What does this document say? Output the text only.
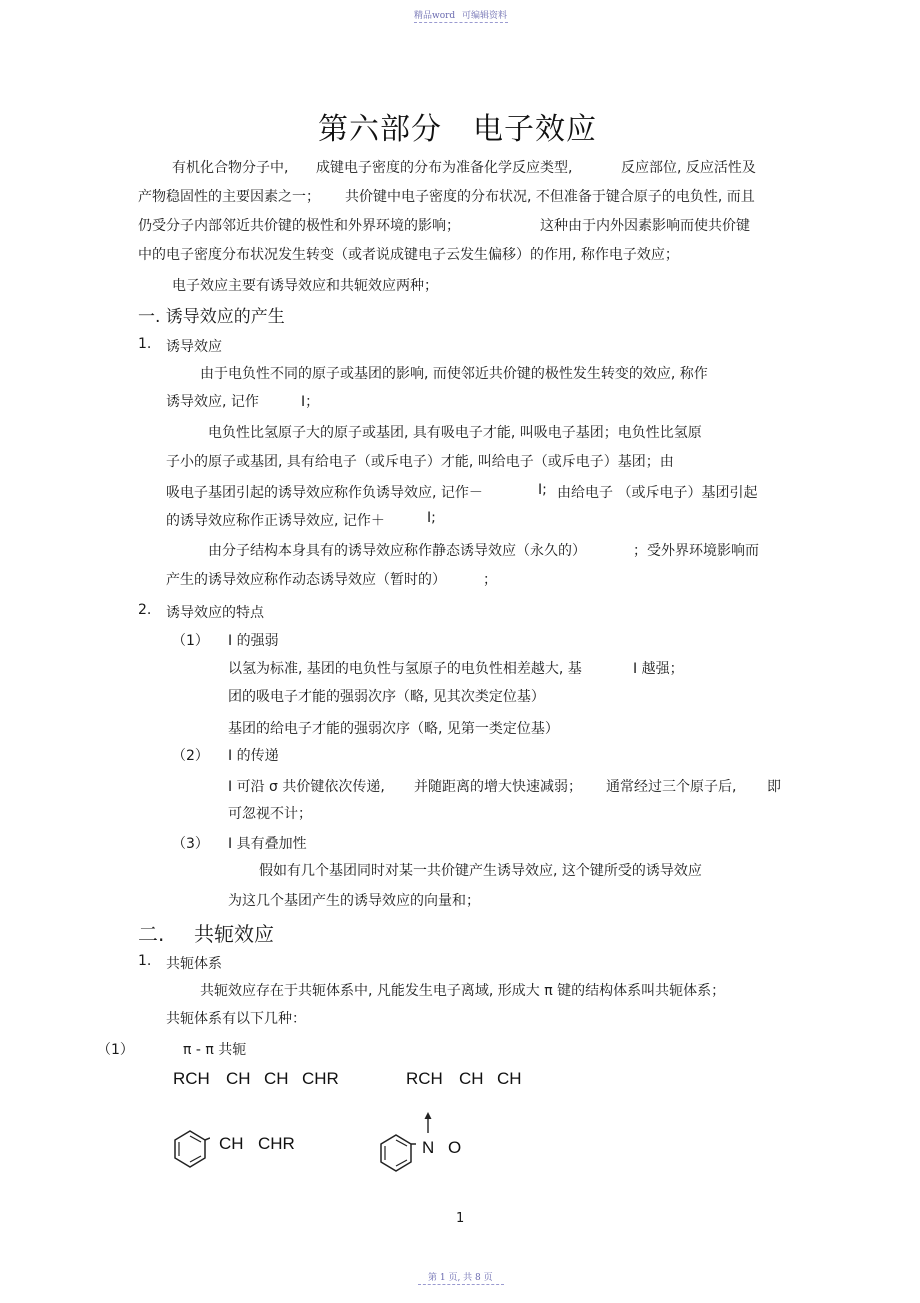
精品word 可编辑资料
第六部分　电子效应
有机化合物分子中, 成键电子密度的分布为准备化学反应类型,	反应部位, 反应活性及
产物稳固性的主要因素之一； 共价键中电子密度的分布状况, 不但准备于键合原子的电负性, 而且
仍受分子内部邻近共价键的极性和外界环境的影响；	这种由于内外因素影响而使共价键
中的电子密度分布状况发生转变（或者说成键电子云发生偏移）的作用, 称作电子效应；
电子效应主要有诱导效应和共轭效应两种；
一. 诱导效应的产生
1. 诱导效应
由于电负性不同的原子或基团的影响, 而使邻近共价键的极性发生转变的效应, 称作
诱导效应, 记作	I；
电负性比氢原子大的原子或基团, 具有吸电子才能, 叫吸电子基团；电负性比氢原
子小的原子或基团, 具有给电子（或斥电子）才能, 叫给电子（或斥电子）基团；由
吸电子基团引起的诱导效应称作负诱导效应, 记作－	I; 由给电子 （或斥电子）基团引起
的诱导效应称作正诱导效应, 记作＋	I;
由分子结构本身具有的诱导效应称作静态诱导效应（永久的）	；受外界环境影响而
产生的诱导效应称作动态诱导效应（暂时的）	；
2. 诱导效应的特点
（1） I 的强弱
以氢为标准, 基团的电负性与氢原子的电负性相差越大, 基	I 越强；
团的吸电子才能的强弱次序（略, 见其次类定位基）
基团的给电子才能的强弱次序（略, 见第一类定位基）
（2） I 的传递
I 可沿 σ 共价键依次传递, 并随距离的增大快速减弱； 通常经过三个原子后, 即
可忽视不计；
（3） I 具有叠加性
假如有几个基团同时对某一共价键产生诱导效应, 这个键所受的诱导效应
为这几个基团产生的诱导效应的向量和；
二. 共轭效应
1. 共轭体系
共轭效应存在于共轭体系中, 凡能发生电子离域, 形成大 π 键的结构体系叫共轭体系；
共轭体系有以下几种：
（1）	π - π 共轭
RCH CH CH CHR	RCH CH CH
CH CHR	N O
1
第 1 页, 共 8 页
